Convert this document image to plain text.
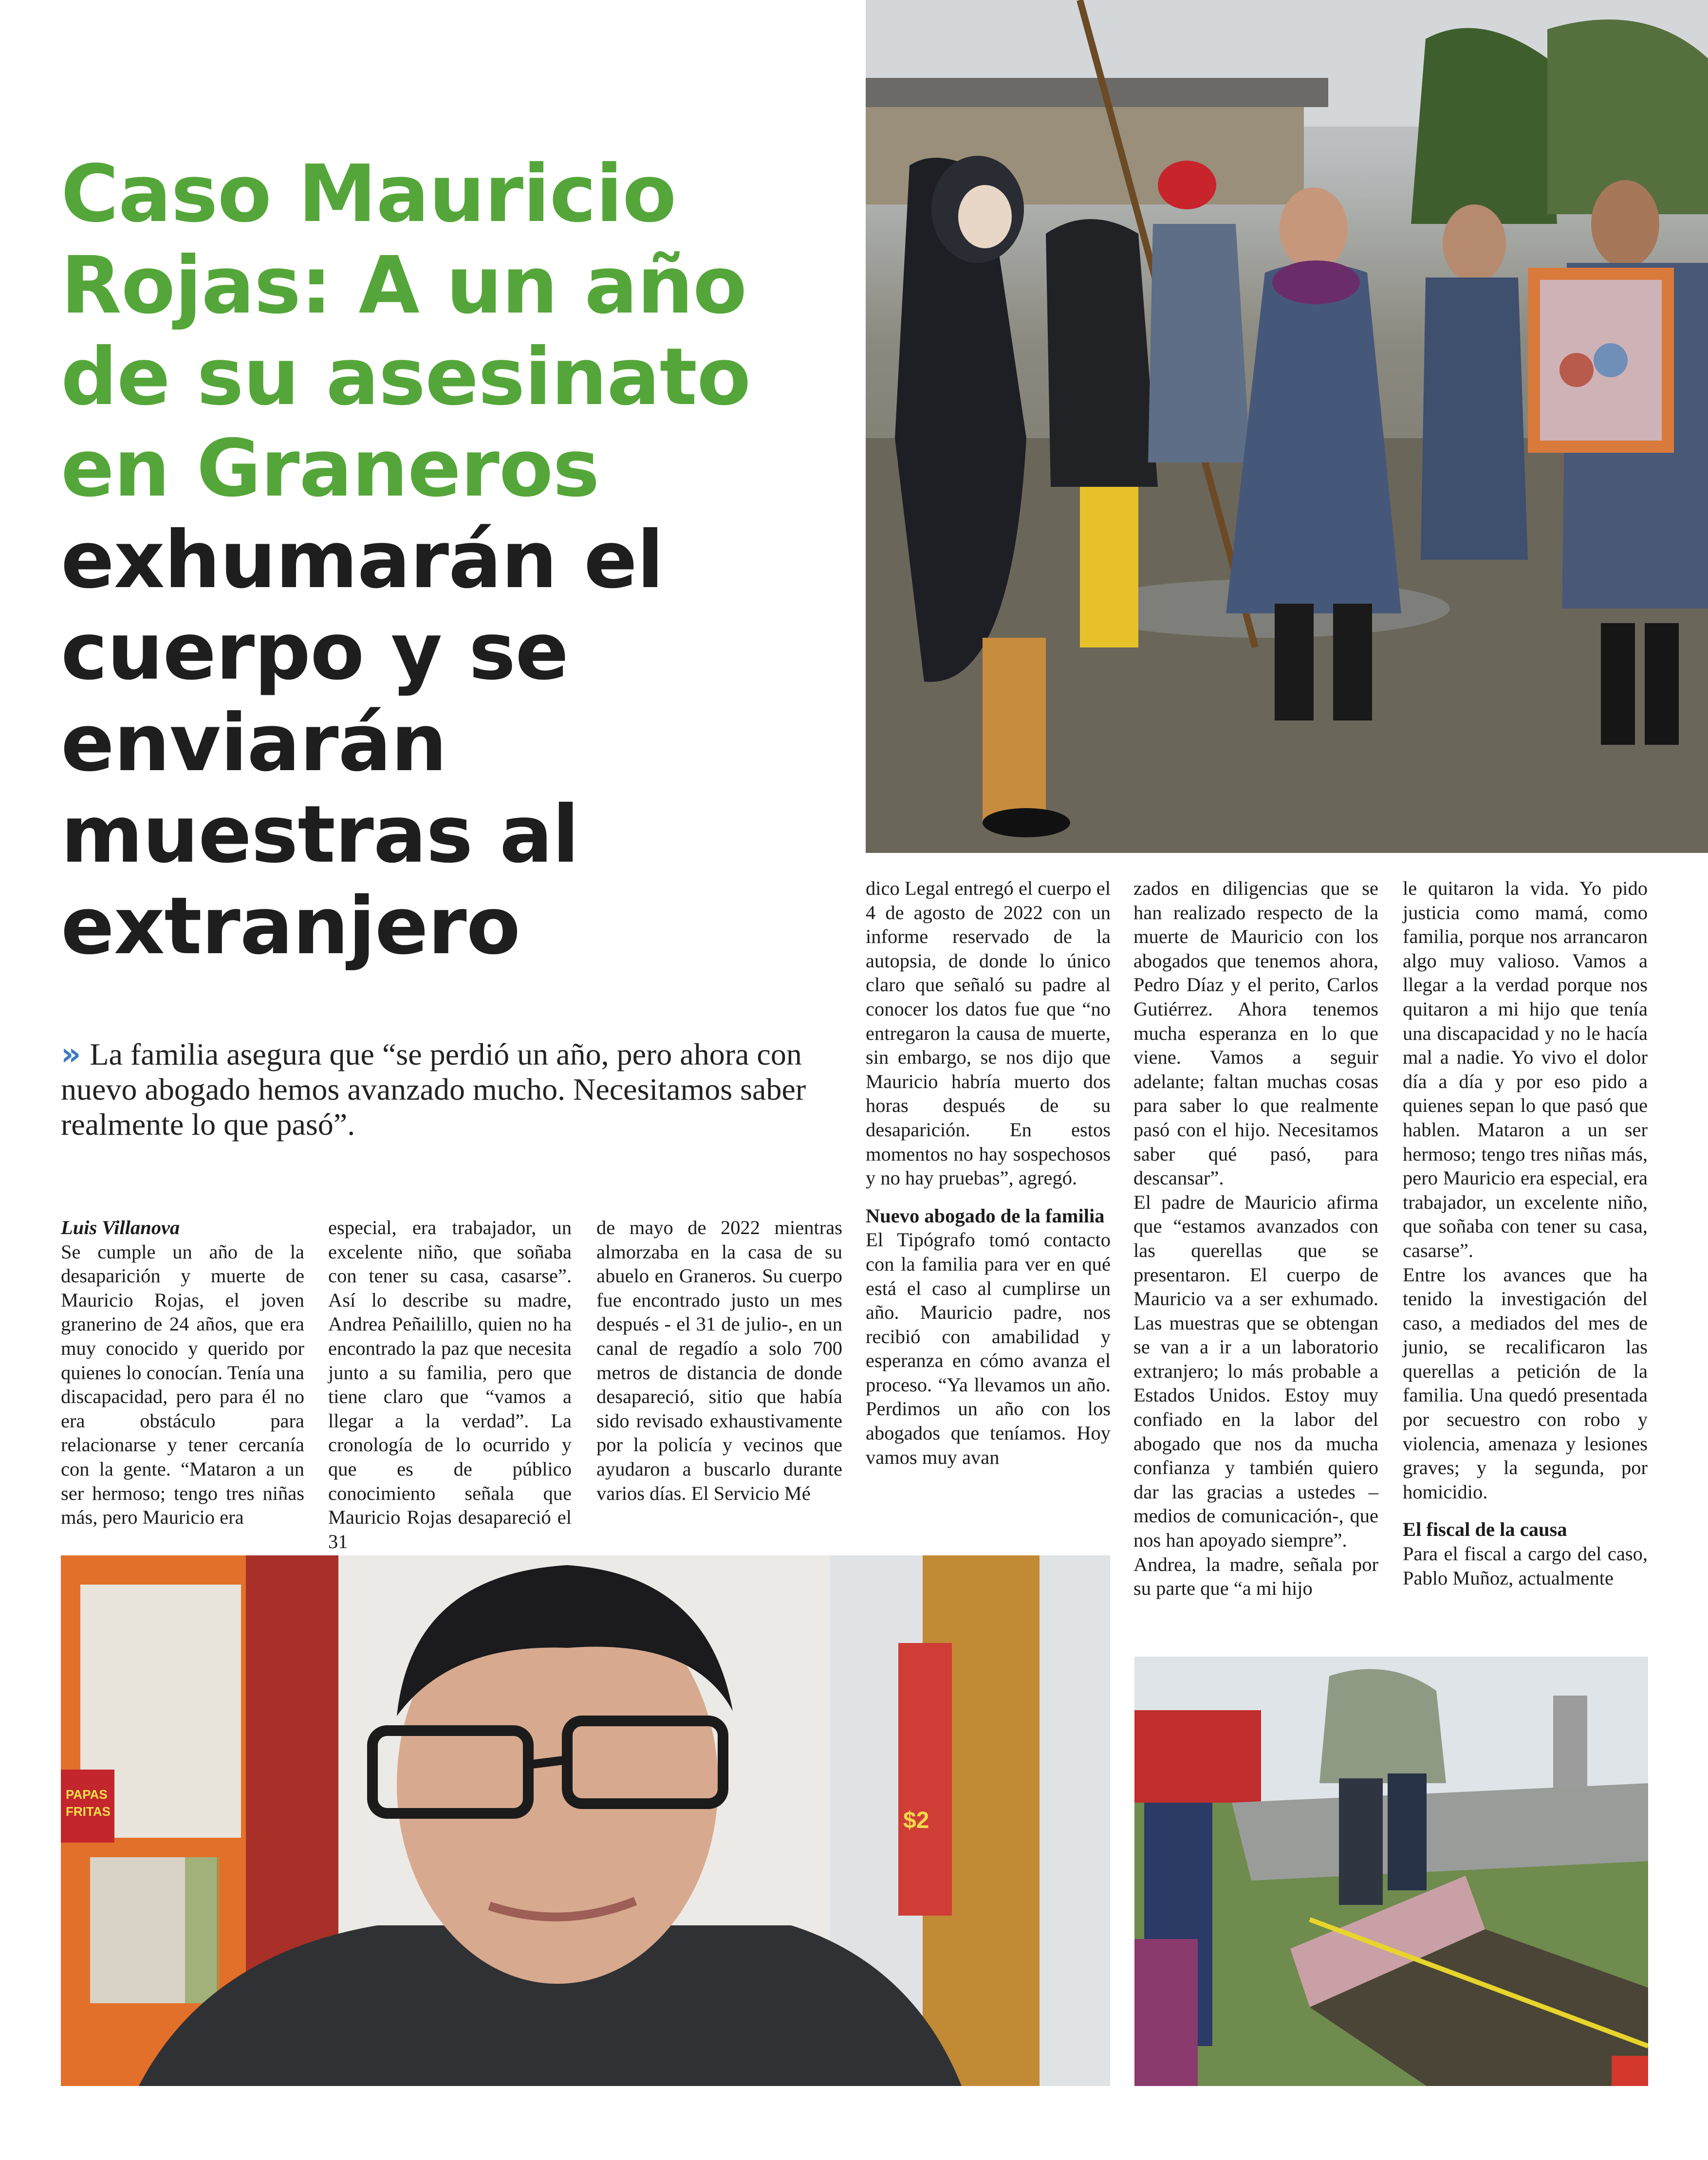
Caso Mauricio
Rojas: A un año
de su asesinato
en Graneros
exhumarán el
cuerpo y se enviarán
muestras al
extranjero
» La familia asegura que “se perdió un año, pero ahora con nuevo abogado hemos avanzado mucho. Necesitamos saber realmente lo que pasó”.

Luis Villanova

Se cumple un año de la desaparición y muerte de Mauricio Rojas, el joven granerino de 24 años, que era muy conocido y querido por quienes lo conocían. Tenía una discapacidad, pero para él no era obstáculo para relacionarse y tener cercanía con la gente. “Mataron a un ser hermoso; tengo tres niñas más, pero Mauricio era

especial, era trabajador, un excelente niño, que soñaba con tener su casa, casarse”. Así lo describe su madre, Andrea Peñailillo, quien no ha encontrado la paz que necesita junto a su familia, pero que tiene claro que “vamos a llegar a la verdad”. La cronología de lo ocurrido y que es de público conocimiento señala que Mauricio Rojas desapareció el 31

de mayo de 2022 mientras almorzaba en la casa de su abuelo en Graneros. Su cuerpo fue encontrado justo un mes después - el 31 de julio-, en un canal de regadío a solo 700 metros de distancia de donde desapareció, sitio que había sido revisado exhaustivamente por la policía y vecinos que ayudaron a buscarlo durante varios días. El Servicio Mé

dico Legal entregó el cuerpo el 4 de agosto de 2022 con un informe reservado de la autopsia, de donde lo único claro que señaló su padre al conocer los datos fue que “no entregaron la causa de muerte, sin embargo, se nos dijo que Mauricio habría muerto dos horas después de su desaparición. En estos momentos no hay sospechosos y no hay pruebas”, agregó.

Nuevo abogado de la familia

El Tipógrafo tomó contacto con la familia para ver en qué está el caso al cumplirse un año. Mauricio padre, nos recibió con amabilidad y esperanza en cómo avanza el proceso. “Ya llevamos un año. Perdimos un año con los abogados que teníamos. Hoy vamos muy avan

zados en diligencias que se han realizado respecto de la muerte de Mauricio con los abogados que tenemos ahora, Pedro Díaz y el perito, Carlos Gutiérrez. Ahora tenemos mucha esperanza en lo que viene. Vamos a seguir adelante; faltan muchas cosas para saber lo que realmente pasó con el hijo. Necesitamos saber qué pasó, para descansar”.

El padre de Mauricio afirma que “estamos avanzados con las querellas que se presentaron. El cuerpo de Mauricio va a ser exhumado. Las muestras que se obtengan se van a ir a un laboratorio extranjero; lo más probable a Estados Unidos. Estoy muy confiado en la labor del abogado que nos da mucha confianza y también quiero dar las gracias a ustedes – medios de comunicación-, que nos han apoyado siempre”.

Andrea, la madre, señala por su parte que “a mi hijo

le quitaron la vida. Yo pido justicia como mamá, como familia, porque nos arrancaron algo muy valioso. Vamos a llegar a la verdad porque nos quitaron a mi hijo que tenía una discapacidad y no le hacía mal a nadie. Yo vivo el dolor día a día y por eso pido a quienes sepan lo que pasó que hablen. Mataron a un ser hermoso; tengo tres niñas más, pero Mauricio era especial, era trabajador, un excelente niño, que soñaba con tener su casa, casarse”.

Entre los avances que ha tenido la investigación del caso, a mediados del mes de junio, se recalificaron las querellas a petición de la familia. Una quedó presentada por secuestro con robo y violencia, amenaza y lesiones graves; y la segunda, por homicidio.

El fiscal de la causa

Para el fiscal a cargo del caso, Pablo Muñoz, actualmente

PAPAS
FRITAS	$2
